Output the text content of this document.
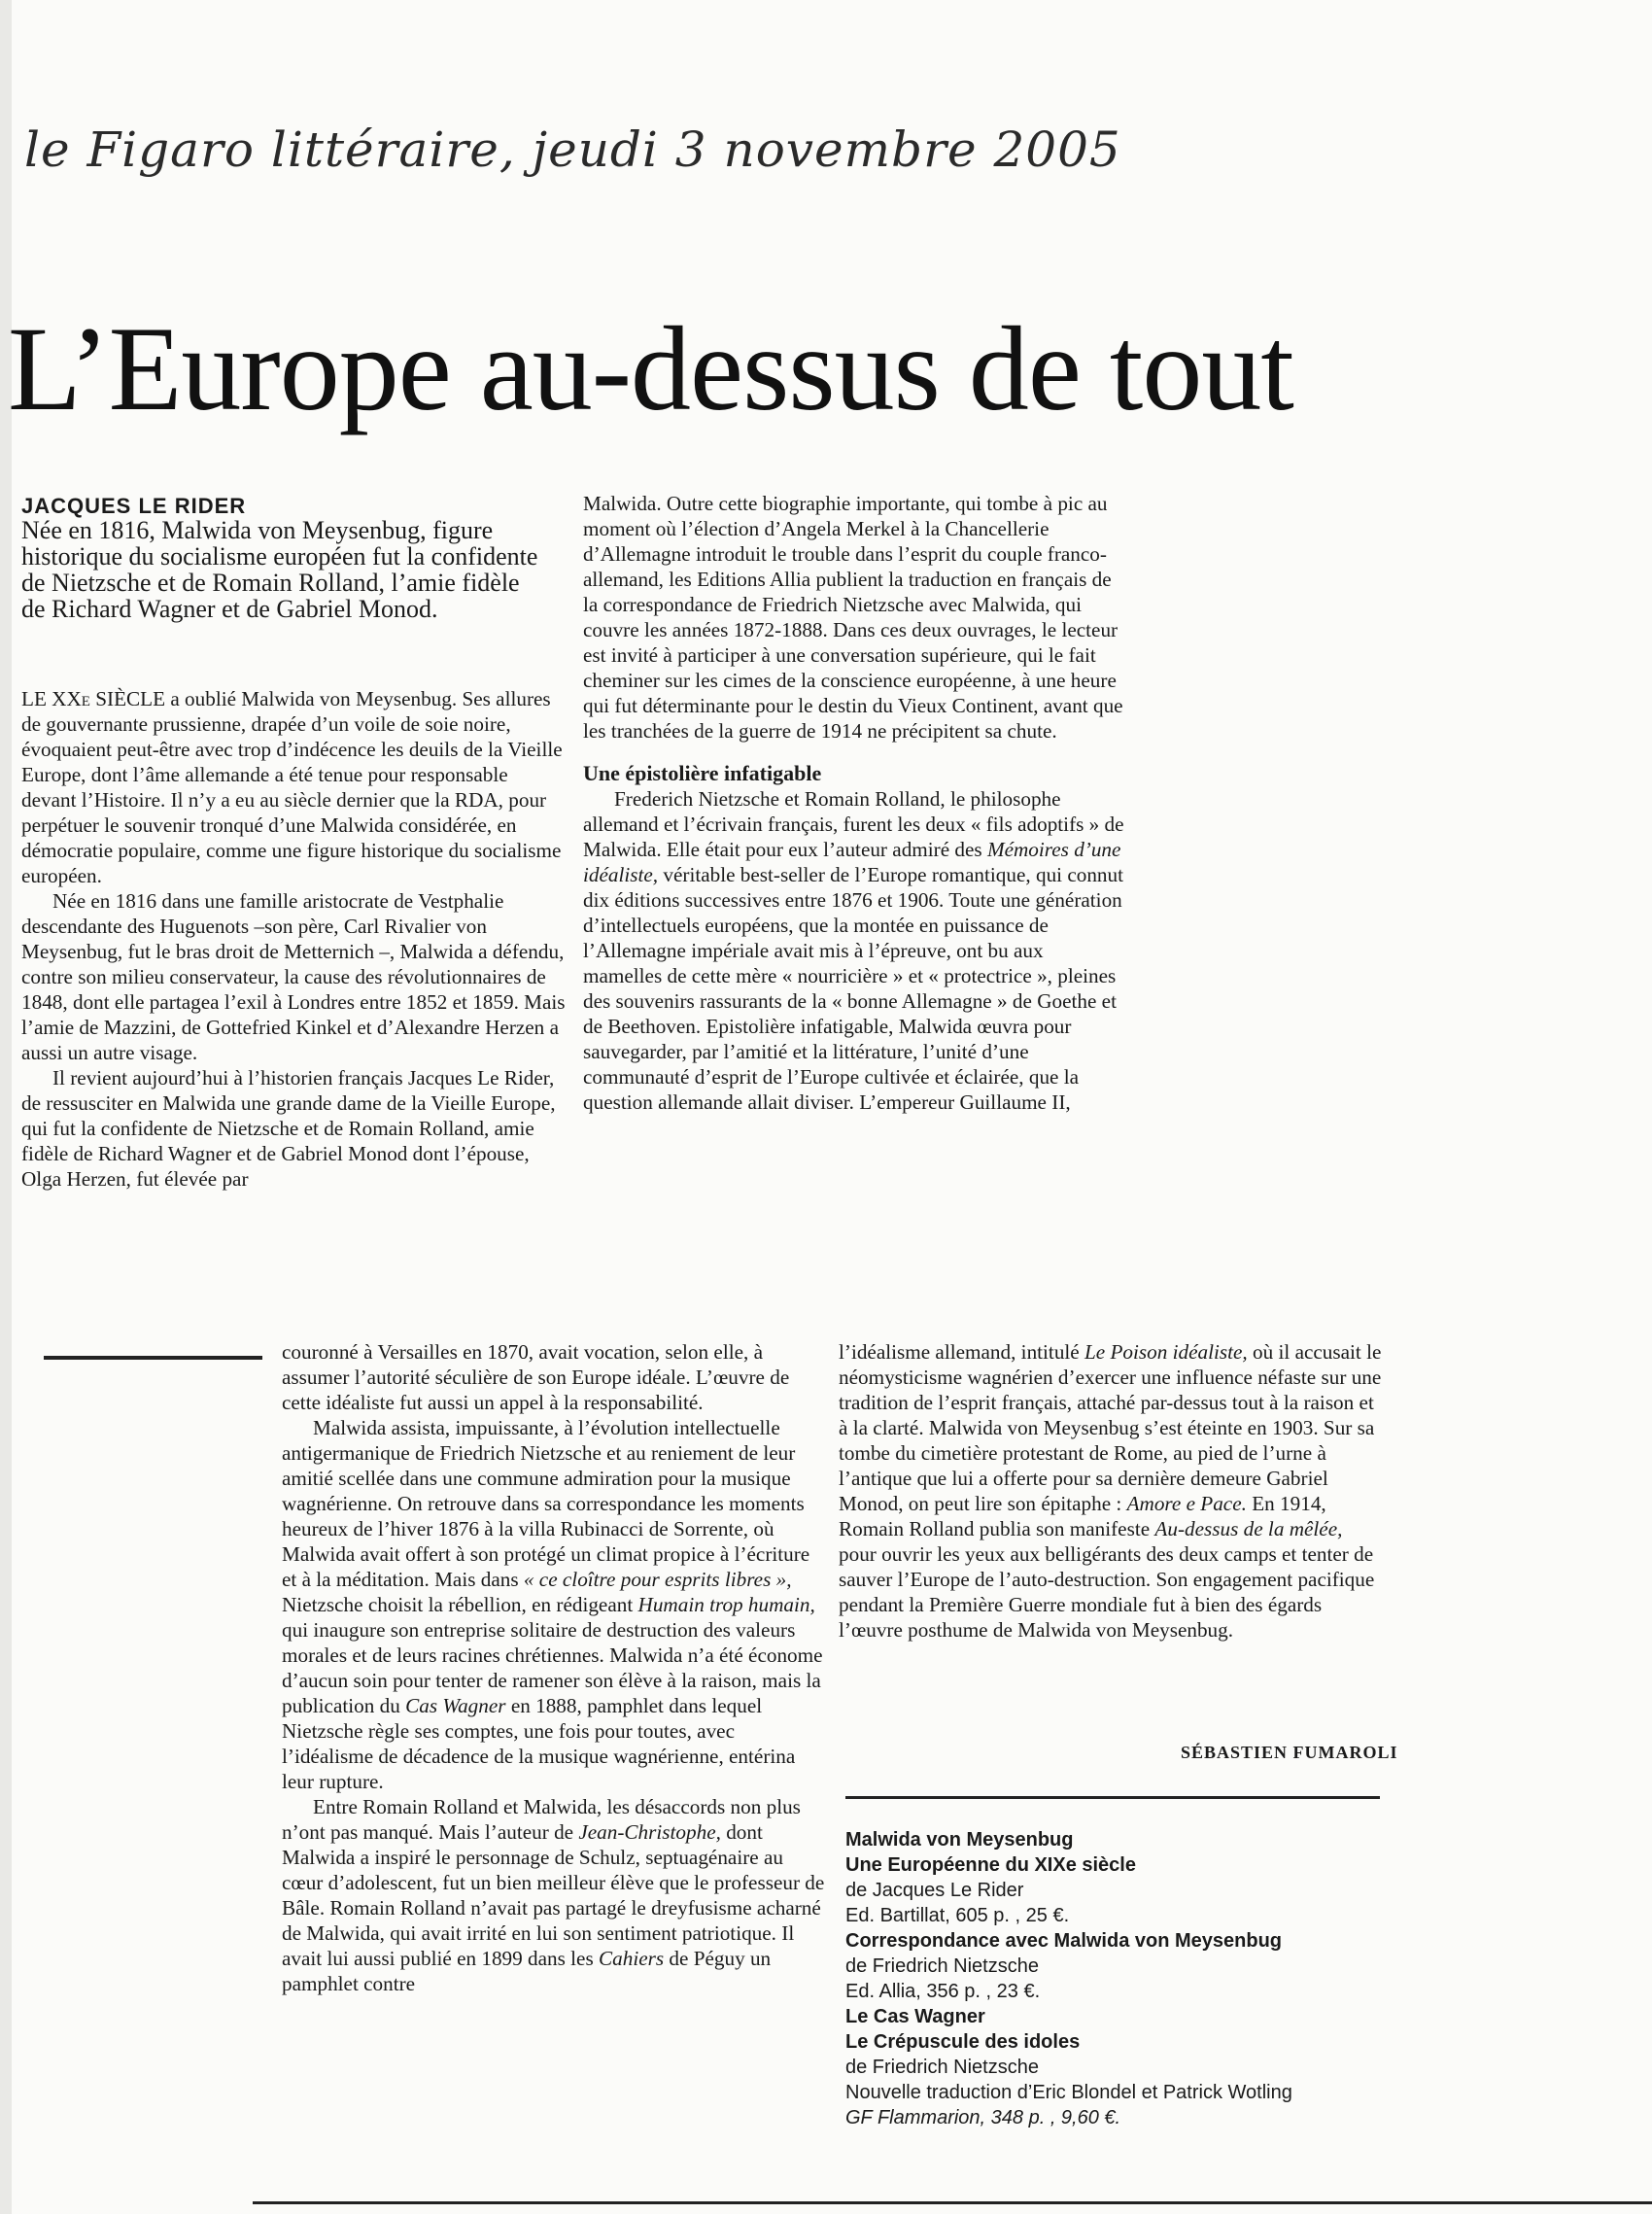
le Figaro littéraire, jeudi 3 novembre 2005
L’Europe au-dessus de tout
JACQUES LE RIDER
Née en 1816, Malwida von Meysenbug, figure historique du socialisme européen fut la confidente de Nietzsche et de Romain Rolland, l’amie fidèle de Richard Wagner et de Gabriel Monod.

LE XXe SIÈCLE a oublié Malwida von Meysenbug. Ses allures de gouvernante prussienne, drapée d’un voile de soie noire, évoquaient peut-être avec trop d’indécence les deuils de la Vieille Europe, dont l’âme allemande a été tenue pour responsable devant l’Histoire. Il n’y a eu au siècle dernier que la RDA, pour perpétuer le souvenir tronqué d’une Malwida considérée, en démocratie populaire, comme une figure historique du socialisme européen.

Née en 1816 dans une famille aristocrate de Vestphalie descendante des Huguenots –son père, Carl Rivalier von Meysenbug, fut le bras droit de Metternich –, Malwida a défendu, contre son milieu conservateur, la cause des révolutionnaires de 1848, dont elle partagea l’exil à Londres entre 1852 et 1859. Mais l’amie de Mazzini, de Gottefried Kinkel et d’Alexandre Herzen a aussi un autre visage.

Il revient aujourd’hui à l’historien français Jacques Le Rider, de ressusciter en Malwida une grande dame de la Vieille Europe, qui fut la confidente de Nietzsche et de Romain Rolland, amie fidèle de Richard Wagner et de Gabriel Monod dont l’épouse, Olga Herzen, fut élevée par

Malwida. Outre cette biographie importante, qui tombe à pic au moment où l’élection d’Angela Merkel à la Chancellerie d’Allemagne introduit le trouble dans l’esprit du couple franco-allemand, les Editions Allia publient la traduction en français de la correspondance de Friedrich Nietzsche avec Malwida, qui couvre les années 1872-1888. Dans ces deux ouvrages, le lecteur est invité à participer à une conversation supérieure, qui le fait cheminer sur les cimes de la conscience européenne, à une heure qui fut déterminante pour le destin du Vieux Continent, avant que les tranchées de la guerre de 1914 ne précipitent sa chute.

Une épistolière infatigable

Frederich Nietzsche et Romain Rolland, le philosophe allemand et l’écrivain français, furent les deux « fils adoptifs » de Malwida. Elle était pour eux l’auteur admiré des Mémoires d’une idéaliste, véritable best-seller de l’Europe romantique, qui connut dix éditions successives entre 1876 et 1906. Toute une génération d’intellectuels européens, que la montée en puissance de l’Allemagne impériale avait mis à l’épreuve, ont bu aux mamelles de cette mère « nourricière » et « protectrice », pleines des souvenirs rassurants de la « bonne Allemagne » de Goethe et de Beethoven. Epistolière infatigable, Malwida œuvra pour sauvegarder, par l’amitié et la littérature, l’unité d’une communauté d’esprit de l’Europe cultivée et éclairée, que la question allemande allait diviser. L’empereur Guillaume II,

couronné à Versailles en 1870, avait vocation, selon elle, à assumer l’autorité séculière de son Europe idéale. L’œuvre de cette idéaliste fut aussi un appel à la responsabilité.

Malwida assista, impuissante, à l’évolution intellectuelle antigermanique de Friedrich Nietzsche et au reniement de leur amitié scellée dans une commune admiration pour la musique wagnérienne. On retrouve dans sa correspondance les moments heureux de l’hiver 1876 à la villa Rubinacci de Sorrente, où Malwida avait offert à son protégé un climat propice à l’écriture et à la méditation. Mais dans « ce cloître pour esprits libres », Nietzsche choisit la rébellion, en rédigeant Humain trop humain, qui inaugure son entreprise solitaire de destruction des valeurs morales et de leurs racines chrétiennes. Malwida n’a été économe d’aucun soin pour tenter de ramener son élève à la raison, mais la publication du Cas Wagner en 1888, pamphlet dans lequel Nietzsche règle ses comptes, une fois pour toutes, avec l’idéalisme de décadence de la musique wagnérienne, entérina leur rupture.

Entre Romain Rolland et Malwida, les désaccords non plus n’ont pas manqué. Mais l’auteur de Jean-Christophe, dont Malwida a inspiré le personnage de Schulz, septuagénaire au cœur d’adolescent, fut un bien meilleur élève que le professeur de Bâle. Romain Rolland n’avait pas partagé le dreyfusisme acharné de Malwida, qui avait irrité en lui son sentiment patriotique. Il avait lui aussi publié en 1899 dans les Cahiers de Péguy un pamphlet contre

l’idéalisme allemand, intitulé Le Poison idéaliste, où il accusait le néomysticisme wagnérien d’exercer une influence néfaste sur une tradition de l’esprit français, attaché par-dessus tout à la raison et à la clarté. Malwida von Meysenbug s’est éteinte en 1903. Sur sa tombe du cimetière protestant de Rome, au pied de l’urne à l’antique que lui a offerte pour sa dernière demeure Gabriel Monod, on peut lire son épitaphe : Amore e Pace. En 1914, Romain Rolland publia son manifeste Au-dessus de la mêlée, pour ouvrir les yeux aux belligérants des deux camps et tenter de sauver l’Europe de l’auto-destruction. Son engagement pacifique pendant la Première Guerre mondiale fut à bien des égards l’œuvre posthume de Malwida von Meysenbug.

SÉBASTIEN FUMAROLI
Malwida von Meysenbug
Une Européenne du XIXe siècle
de Jacques Le Rider
Ed. Bartillat, 605 p. , 25 €.
Correspondance avec Malwida von Meysenbug
de Friedrich Nietzsche
Ed. Allia, 356 p. , 23 €.
Le Cas Wagner
Le Crépuscule des idoles
de Friedrich Nietzsche
Nouvelle traduction d’Eric Blondel et Patrick Wotling
GF Flammarion, 348 p. , 9,60 €.
